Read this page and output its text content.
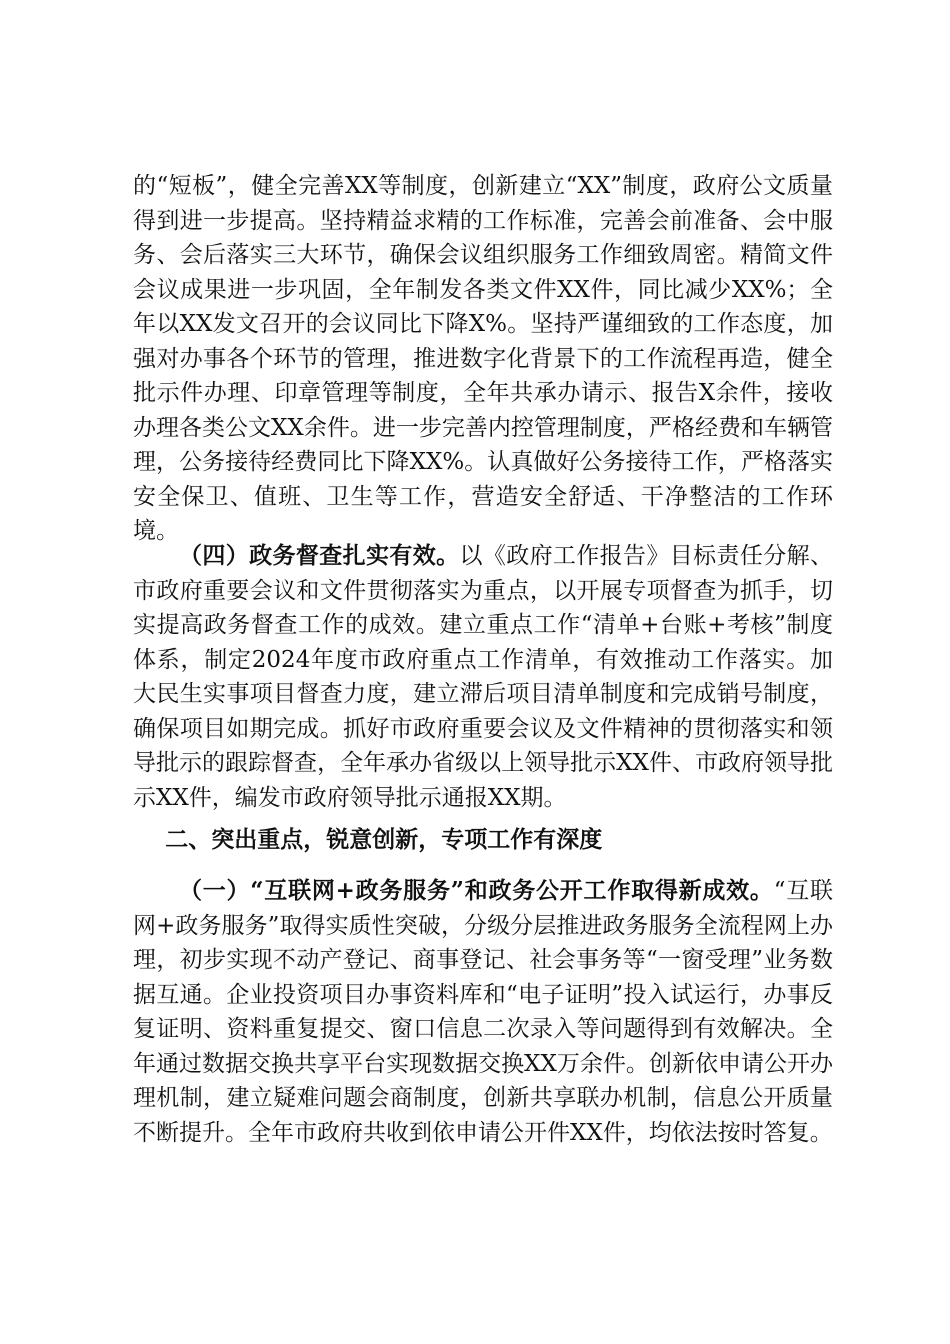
的“短板”，健全完善XX等制度，创新建立“XX”制度，政府公文质量得到进一步提高。坚持精益求精的工作标准，完善会前准备、会中服务、会后落实三大环节，确保会议组织服务工作细致周密。精简文件会议成果进一步巩固，全年制发各类文件XX件，同比减少XX%；全年以XX发文召开的会议同比下降X%。坚持严谨细致的工作态度，加强对办事各个环节的管理，推进数字化背景下的工作流程再造，健全批示件办理、印章管理等制度，全年共承办请示、报告X余件，接收办理各类公文XX余件。进一步完善内控管理制度，严格经费和车辆管理，公务接待经费同比下降XX%。认真做好公务接待工作，严格落实安全保卫、值班、卫生等工作，营造安全舒适、干净整洁的工作环境。

（四）政务督查扎实有效。以《政府工作报告》目标责任分解、市政府重要会议和文件贯彻落实为重点，以开展专项督查为抓手，切实提高政务督查工作的成效。建立重点工作“清单+台账+考核”制度体系，制定2024年度市政府重点工作清单，有效推动工作落实。加大民生实事项目督查力度，建立滞后项目清单制度和完成销号制度，确保项目如期完成。抓好市政府重要会议及文件精神的贯彻落实和领导批示的跟踪督查，全年承办省级以上领导批示XX件、市政府领导批示XX件，编发市政府领导批示通报XX期。

二、突出重点，锐意创新，专项工作有深度

（一）“互联网+政务服务”和政务公开工作取得新成效。“互联网+政务服务”取得实质性突破，分级分层推进政务服务全流程网上办理，初步实现不动产登记、商事登记、社会事务等“一窗受理”业务数据互通。企业投资项目办事资料库和“电子证明”投入试运行，办事反复证明、资料重复提交、窗口信息二次录入等问题得到有效解决。全年通过数据交换共享平台实现数据交换XX万余件。创新依申请公开办理机制，建立疑难问题会商制度，创新共享联办机制，信息公开质量不断提升。全年市政府共收到依申请公开件XX件，均依法按时答复。
